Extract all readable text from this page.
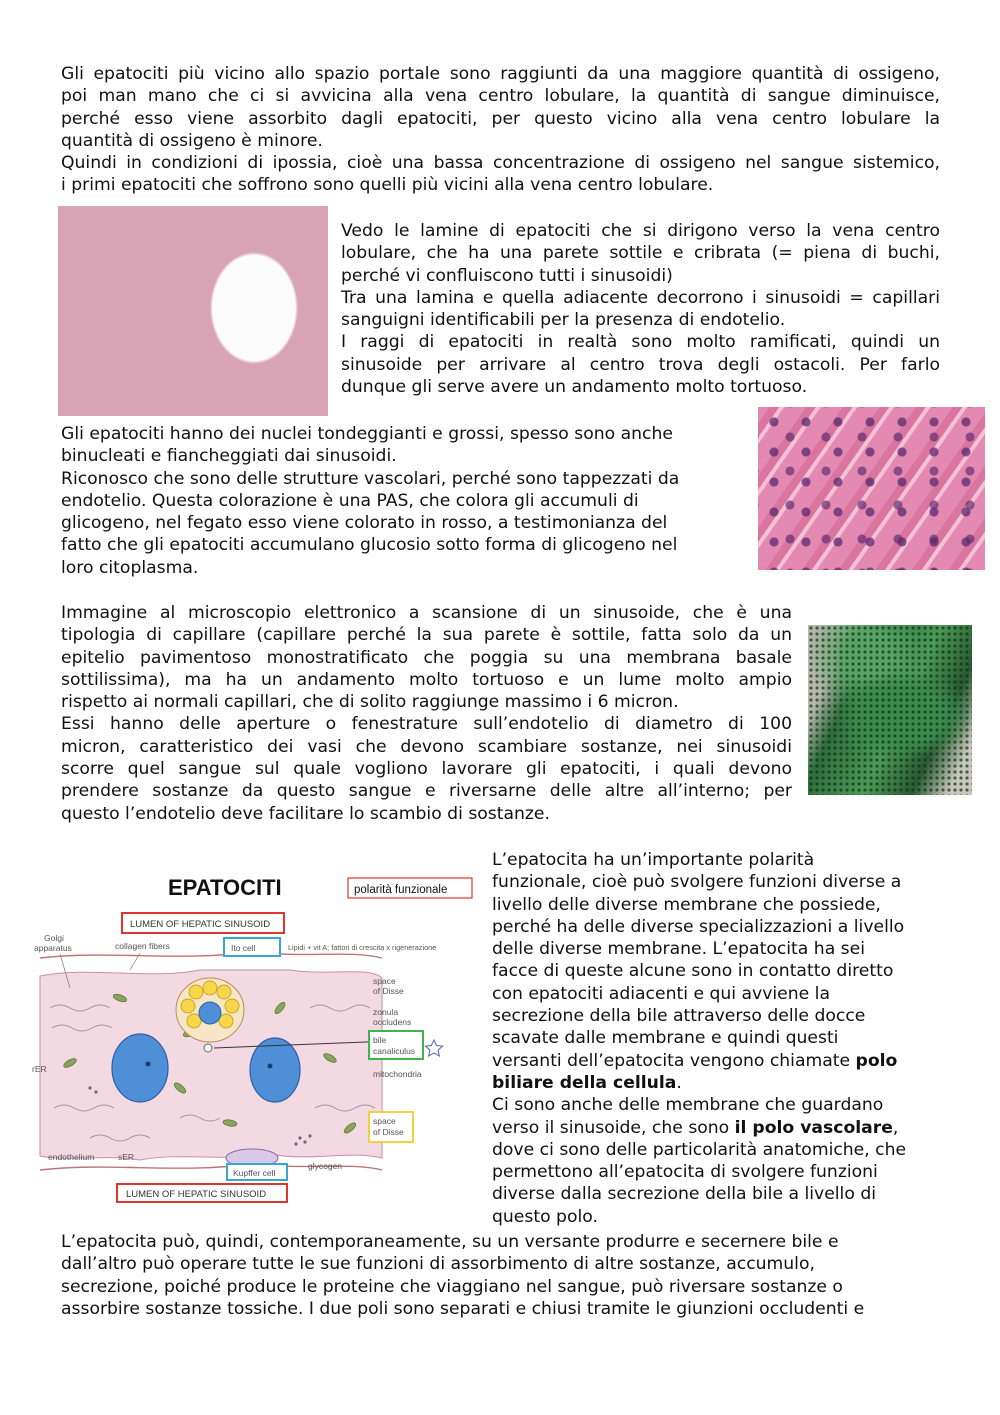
Gli epatociti più vicino allo spazio portale sono raggiunti da una maggiore quantità di ossigeno,
poi man mano che ci si avvicina alla vena centro lobulare, la quantità di sangue diminuisce,
perché esso viene assorbito dagli epatociti, per questo vicino alla vena centro lobulare la
quantità di ossigeno è minore.
Quindi in condizioni di ipossia, cioè una bassa concentrazione di ossigeno nel sangue sistemico,
i primi epatociti che soffrono sono quelli più vicini alla vena centro lobulare.
Vedo le lamine di epatociti che si dirigono verso la vena centro
lobulare, che ha una parete sottile e cribrata (= piena di buchi,
perché vi confluiscono tutti i sinusoidi)
Tra una lamina e quella adiacente decorrono i sinusoidi = capillari
sanguigni identificabili per la presenza di endotelio.
I raggi di epatociti in realtà sono molto ramificati, quindi un
sinusoide per arrivare al centro trova degli ostacoli. Per farlo
dunque gli serve avere un andamento molto tortuoso.
Gli epatociti hanno dei nuclei tondeggianti e grossi, spesso sono anche
binucleati e fiancheggiati dai sinusoidi.
Riconosco che sono delle strutture vascolari, perché sono tappezzati da
endotelio. Questa colorazione è una PAS, che colora gli accumuli di
glicogeno, nel fegato esso viene colorato in rosso, a testimonianza del
fatto che gli epatociti accumulano glucosio sotto forma di glicogeno nel
loro citoplasma.
Immagine al microscopio elettronico a scansione di un sinusoide, che è una
tipologia di capillare (capillare perché la sua parete è sottile, fatta solo da un
epitelio pavimentoso monostratificato che poggia su una membrana basale
sottilissima), ma ha un andamento molto tortuoso e un lume molto ampio
rispetto ai normali capillari, che di solito raggiunge massimo i 6 micron.
Essi hanno delle aperture o fenestrature sull’endotelio di diametro di 100
micron, caratteristico dei vasi che devono scambiare sostanze, nei sinusoidi
scorre quel sangue sul quale vogliono lavorare gli epatociti, i quali devono
prendere sostanze da questo sangue e riversarne delle altre all’interno; per
questo l’endotelio deve facilitare lo scambio di sostanze.
EPATOCITI	polarità funzionale
LUMEN OF HEPATIC SINUSOID
Golgi
apparatus	collagen fibers	Ito cell	Lipidi + vit A; fattori di crescita x rigenerazione
space
of Disse
zonula
occludens
bile
canaliculus
mitochondria
rER
space
of Disse
endothelium	sER
Kupffer cell
glycogen
LUMEN OF HEPATIC SINUSOID
L’epatocita ha un’importante polarità
funzionale, cioè può svolgere funzioni diverse a
livello delle diverse membrane che possiede,
perché ha delle diverse specializzazioni a livello
delle diverse membrane. L’epatocita ha sei
facce di queste alcune sono in contatto diretto
con epatociti adiacenti e qui avviene la
secrezione della bile attraverso delle docce
scavate dalle membrane e quindi questi
versanti dell’epatocita vengono chiamate polo
biliare della cellula.
Ci sono anche delle membrane che guardano
verso il sinusoide, che sono il polo vascolare,
dove ci sono delle particolarità anatomiche, che
permettono all’epatocita di svolgere funzioni
diverse dalla secrezione della bile a livello di
questo polo.
L’epatocita può, quindi, contemporaneamente, su un versante produrre e secernere bile e
dall’altro può operare tutte le sue funzioni di assorbimento di altre sostanze, accumulo,
secrezione, poiché produce le proteine che viaggiano nel sangue, può riversare sostanze o
assorbire sostanze tossiche. I due poli sono separati e chiusi tramite le giunzioni occludenti e
